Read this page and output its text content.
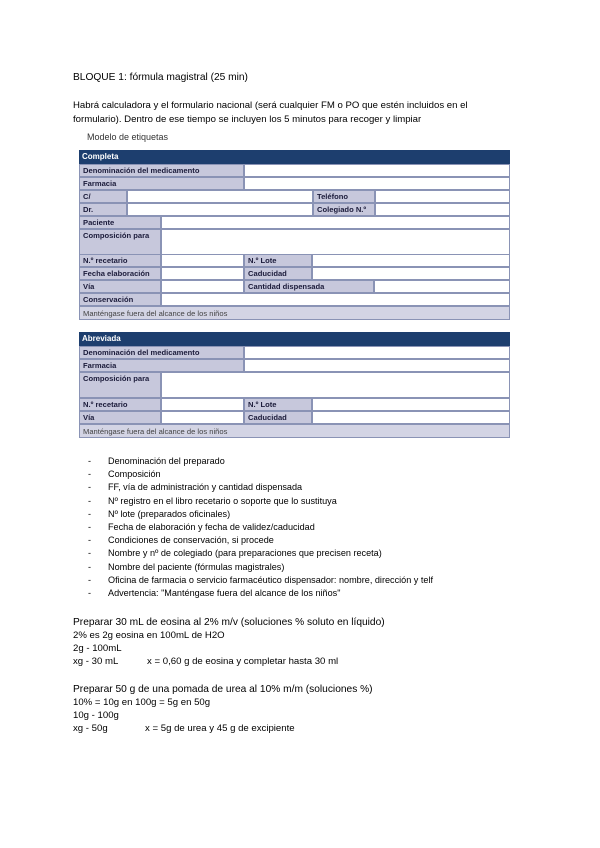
BLOQUE 1: fórmula magistral (25 min)
Habrá calculadora y el formulario nacional (será cualquier FM o PO que estén incluidos en el
formulario). Dentro de ese tiempo se incluyen los 5 minutos para recoger y limpiar
Modelo de etiquetas
Completa
Denominación del medicamento
Farmacia
C/	Teléfono
Dr.	Colegiado N.º
Paciente
Composición para
N.º recetario	N.º Lote
Fecha elaboración	Caducidad
Vía	Cantidad dispensada
Conservación
Manténgase fuera del alcance de los niños
Abreviada
Denominación del medicamento
Farmacia
Composición para
N.º recetario	N.º Lote
Vía	Caducidad
Manténgase fuera del alcance de los niños
- Denominación del preparado
- Composición
- FF, vía de administración y cantidad dispensada
- Nº registro en el libro recetario o soporte que lo sustituya
- Nº lote (preparados oficinales)
- Fecha de elaboración y fecha de validez/caducidad
- Condiciones de conservación, si procede
- Nombre y nº de colegiado (para preparaciones que precisen receta)
- Nombre del paciente (fórmulas magistrales)
- Oficina de farmacia o servicio farmacéutico dispensador: nombre, dirección y telf
- Advertencia: "Manténgase fuera del alcance de los niños"
Preparar 30 mL de eosina al 2% m/v (soluciones % soluto en líquido)
2% es 2g eosina en 100mL de H2O
2g - 100mL
xg - 30 mL	x = 0,60 g de eosina y completar hasta 30 ml
Preparar 50 g de una pomada de urea al 10% m/m (soluciones %)
10% = 10g en 100g = 5g en 50g
10g - 100g
xg - 50g	x = 5g de urea y 45 g de excipiente
